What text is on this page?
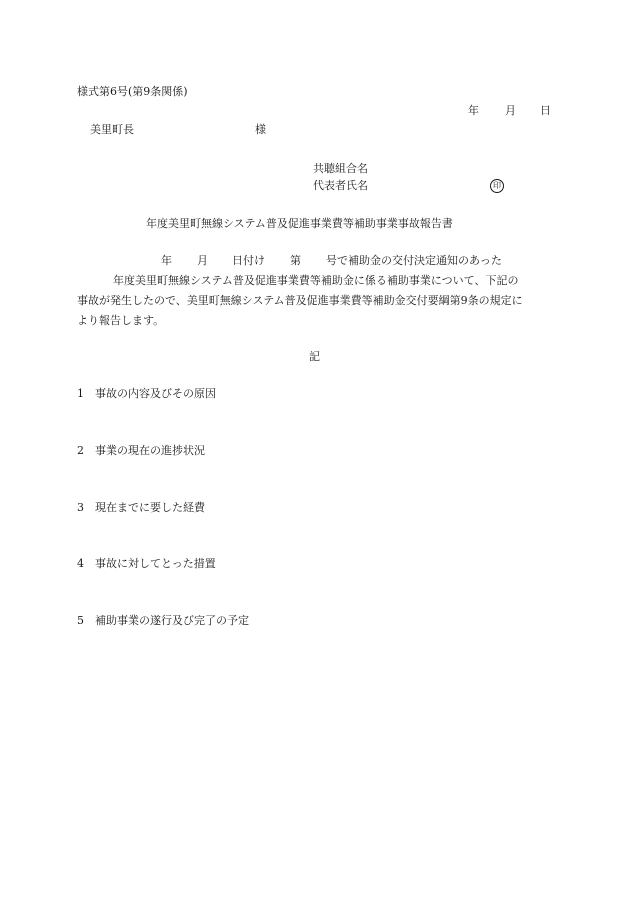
様式第6号(第9条関係)
年 月 日
美里町長	様
共聴組合名
代表者氏名	印
年度美里町無線システム普及促進事業費等補助事業事故報告書
年 月 日付け 第 号で補助金の交付決定通知のあった
年度美里町無線システム普及促進事業費等補助金に係る補助事業について、下記の
事故が発生したので、美里町無線システム普及促進事業費等補助金交付要綱第9条の規定に
より報告します。
記
1 事故の内容及びその原因
2 事業の現在の進捗状況
3 現在までに要した経費
4 事故に対してとった措置
5 補助事業の遂行及び完了の予定
